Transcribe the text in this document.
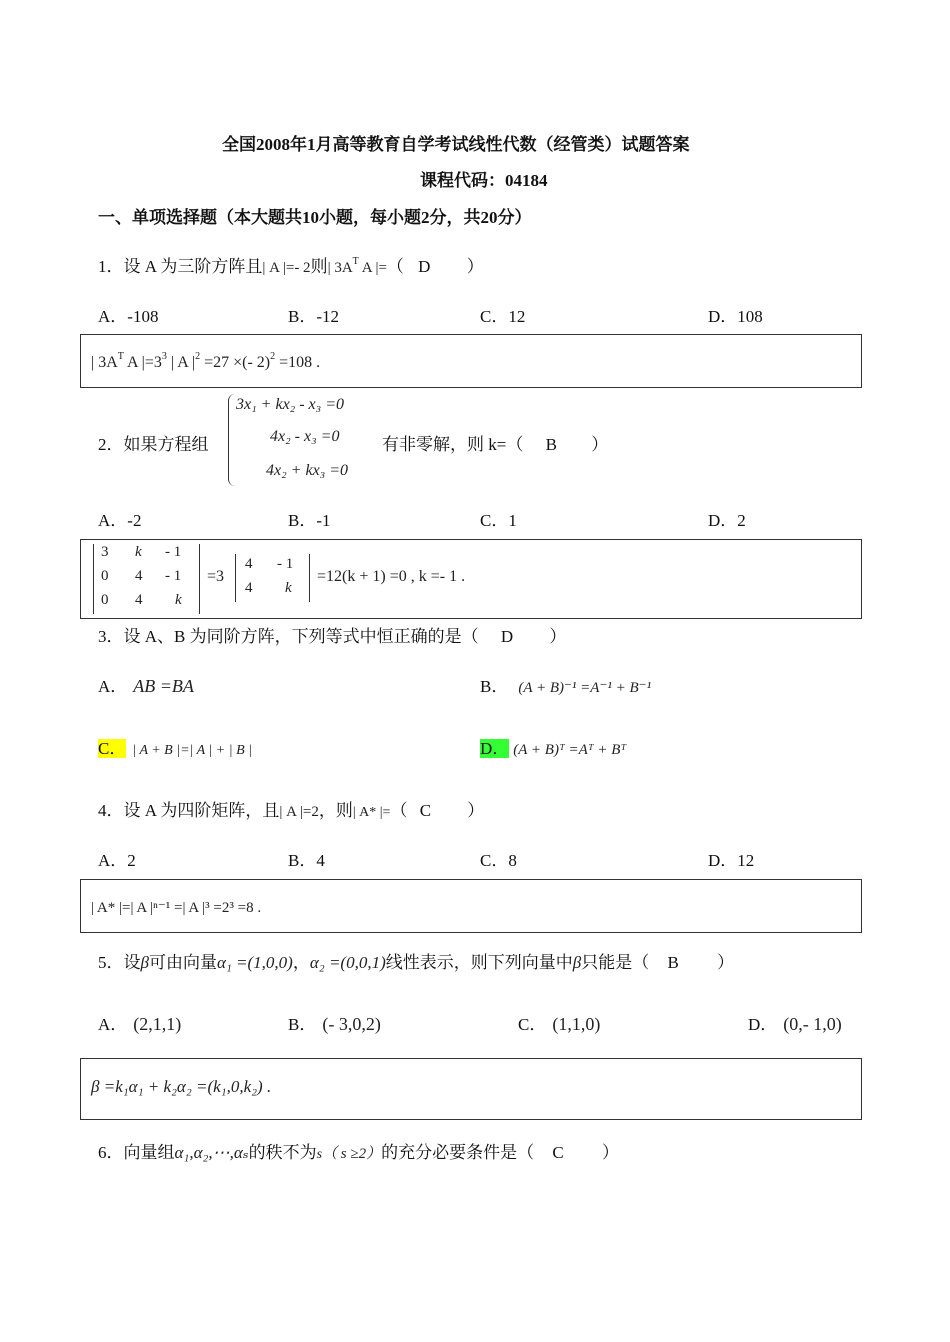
全国2008年1月高等教育自学考试线性代数（经管类）试题答案
课程代码：04184
一、单项选择题（本大题共10小题，每小题2分，共20分）
1．设 A 为三阶方阵且| A |=- 2则| $3A^T$ A |=（ D ）
A．-108	B．-12	C．12	D．108
| $3A^T$ A $|=3^3$ | A $|^2 =27$ ×(- 2)$^2$ =108 .
2．如果方程组
3x₁ + kx₂ - x₃ =0
4x₂ - x₃ =0
4x₂ + kx₃ =0
有非零解，则 k=（ B ）
A．-2	B．-1	C．1	D．2
3 k - 1
0 4 - 1
0 4 k
=3
4 - 1
4 k
=12(k + 1) =0 , k =- 1 .
3．设 A、B 为同阶方阵，下列等式中恒正确的是（ D ）
A． AB =BA	B． (A + B)⁻¹ =A⁻¹ + B⁻¹
C． | A + B |=| A | + | B |	D． (A + B)ᵀ =Aᵀ + Bᵀ
4．设 A 为四阶矩阵，且| A |=2，则| A* |=（ C ）
A．2	B．4	C．8	D．12
| A* |=| A |ⁿ⁻¹ =| A |³ =2³ =8 .
5．设β可由向量α₁ =(1,0,0)，α₂ =(0,0,1)线性表示，则下列向量中β只能是（ B ）
A． (2,1,1)	B． (- 3,0,2)	C． (1,1,0)	D． (0,- 1,0)
β =k₁α₁ + k₂α₂ =(k₁,0,k₂) .
6．向量组α₁,α₂,⋯,αₛ的秩不为s（ s ≥2）的充分必要条件是（ C ）
